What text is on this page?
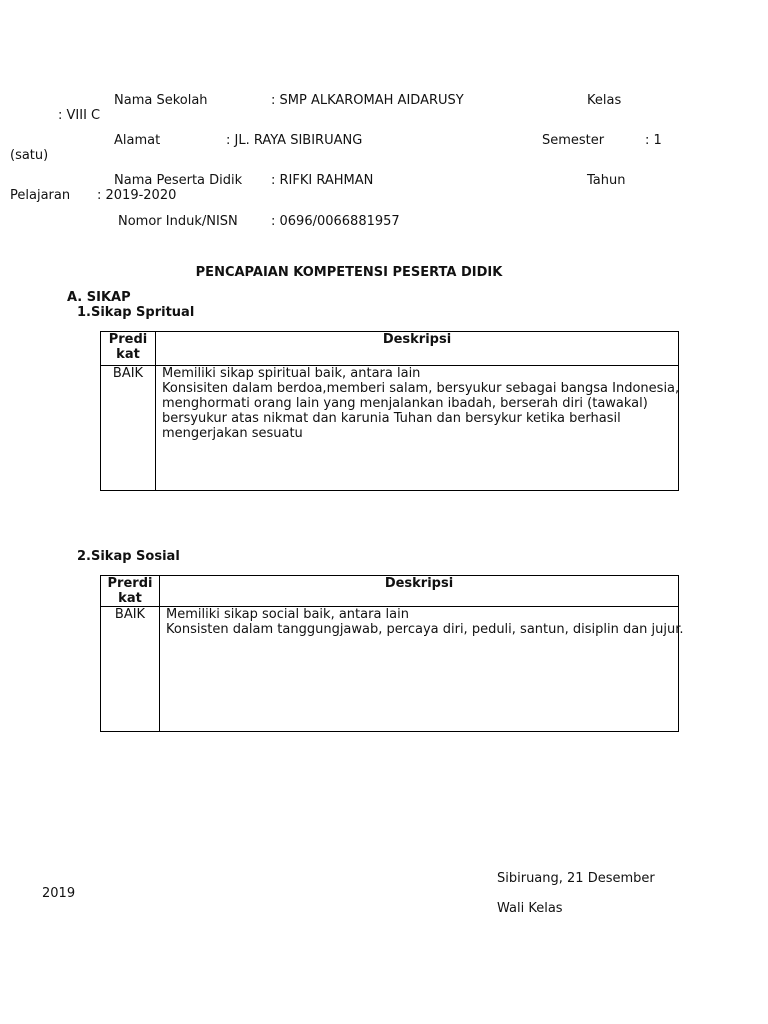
Nama Sekolah	: SMP ALKAROMAH AIDARUSY	Kelas
: VIII C
Alamat	: JL. RAYA SIBIRUANG	Semester	: 1
(satu)
Nama Peserta Didik : RIFKI RAHMAN	Tahun
Pelajaran : 2019-2020
Nomor Induk/NISN	: 0696/0066881957
PENCAPAIAN KOMPETENSI PESERTA DIDIK
A. SIKAP
1.Sikap Spritual
Predi
kat	Deskripsi
BAIK	Memiliki sikap spiritual baik, antara lain
Konsisiten dalam berdoa,memberi salam, bersyukur sebagai bangsa Indonesia,
menghormati orang lain yang menjalankan ibadah, berserah diri (tawakal)
bersyukur atas nikmat dan karunia Tuhan dan bersykur ketika berhasil
mengerjakan sesuatu
2.Sikap Sosial
Prerdi
kat	Deskripsi
BAIK	Memiliki sikap social baik, antara lain
Konsisten dalam tanggungjawab, percaya diri, peduli, santun, disiplin dan jujur.
Sibiruang, 21 Desember
2019
Wali Kelas
